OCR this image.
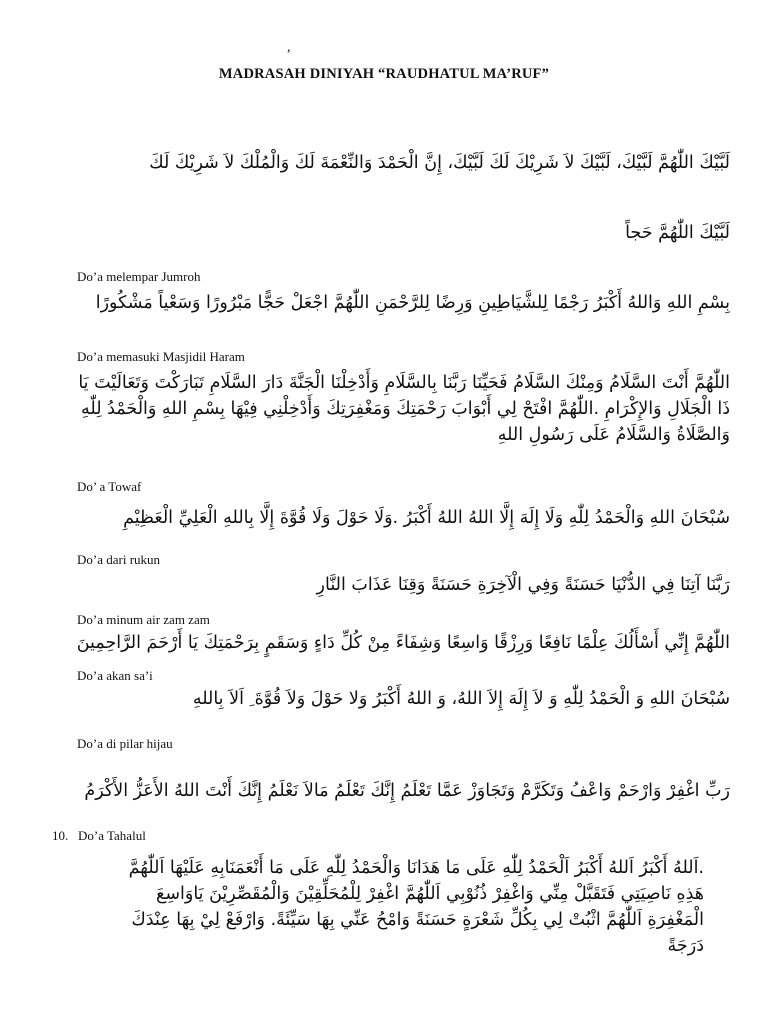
,
MADRASAH DINIYAH “RAUDHATUL MA’RUF”
لَبَّيْكَ اللّٰهُمَّ لَبَّيْكَ، لَبَّيْكَ لاَ شَرِيْكَ لَكَ لَبَّيْكَ، إِنَّ الْحَمْدَ وَالنِّعْمَةَ لَكَ وَالْمُلْكَ لاَ شَرِيْكَ لَكَ
لَبَّيْكَ اللّٰهُمَّ حَجاً
Do’a melempar Jumroh
بِسْمِ اللهِ وَاللهُ أَكْبَرُ رَجْمًا لِلشَّيَاطِينِ وَرِضًا لِلرَّحْمَنِ اللّٰهُمَّ اجْعَلْ حَجًّا مَبْرُورًا وَسَعْياً مَشْكُورًا
Do’a memasuki Masjidil Haram
اللّٰهُمَّ أَنْتَ السَّلَامُ وَمِنْكَ السَّلَامُ فَحَيِّنَا رَبَّنَا بِالسَّلَامِ وَأَدْخِلْنَا الْجَنَّةَ دَارَ السَّلَامِ تَبَارَكْتَ وَتَعَالَيْتَ يَا ذَا الْجَلَالِ وَالإِكْرَامِ .اللّٰهُمَّ افْتَحْ لِي أَبْوَابَ رَحْمَتِكَ وَمَغْفِرَتِكَ وَأَدْخِلْنِي فِيْهَا بِسْمِ اللهِ وَالْحَمْدُ لِلّٰهِ وَالصَّلَاةُ وَالسَّلَامُ عَلَى رَسُولِ اللهِ
Do’ a Towaf
سُبْحَانَ اللهِ وَالْحَمْدُ لِلّٰهِ وَلَا إِلَهَ إِلَّا اللهُ اللهُ أَكْبَرُ .وَلَا حَوْلَ وَلَا قُوَّةَ إِلَّا بِاللهِ الْعَلِيِّ الْعَظِيْمِ
Do’a dari rukun
رَبَّنَا آتِنَا فِي الدُّنْيَا حَسَنَةً وَفِي الْآخِرَةِ حَسَنَةً وَقِنَا عَذَابَ النَّارِ
Do’a minum air zam zam
اللّٰهُمَّ إِنِّي أَسْأَلُكَ عِلْمًا نَافِعًا وَرِزْقًا وَاسِعًا وَشِفَاءً مِنْ كُلِّ دَاءٍ وَسَقَمٍ بِرَحْمَتِكَ يَا أَرْحَمَ الرَّاحِمِينَ
Do’a akan sa’i
سُبْحَانَ اللهِ وَ الْحَمْدُ لِلّٰهِ وَ لاَ إِلَهَ إِلاَ اللهُ، وَ اللهُ أَكْبَرُ وَلا حَوْلَ وَلاَ قُوَّةَ ِ اَلاَ بِاللهِ
Do’a di pilar hijau
رَبِّ اغْفِرْ وَارْحَمْ وَاعْفُ وَتَكَرَّمْ وَتَجَاوَزْ عَمَّا تَعْلَمُ إِنَّكَ تَعْلَمُ مَالاَ نَعْلَمُ إِنَّكَ أَنْتَ اللهُ الأَعَزُّ الأَكْرَمُ
10. Do’a Tahalul
.اَللهُ أَكْبَرُ اَللهُ أَكْبَرُ اَلْحَمْدُ لِلّٰهِ عَلَى مَا هَدَانَا وَالْحَمْدُ لِلّٰهِ عَلَى مَا أَنْعَمَنَابِهِ عَلَيْهَا اَللّٰهُمَّ هَذِهِ نَاصِيَتِي فَتَقَبَّلْ مِنِّي وَاغْفِرْ ذُنُوْبِي اَللّٰهُمَّ اغْفِرْ لِلْمُحَلِّقِيْنَ وَالْمُقَصِّرِيْنَ يَاوَاسِعَ الْمَغْفِرَةِ اَللّٰهُمَّ اثْبُتْ لِي بِكُلِّ شَعْرَةٍ حَسَنَةً وَامْحُ عَنِّي بِهَا سَيِّئَةً. وَارْفَعْ لِيْ بِهَا عِنْدَكَ دَرَجَةً
